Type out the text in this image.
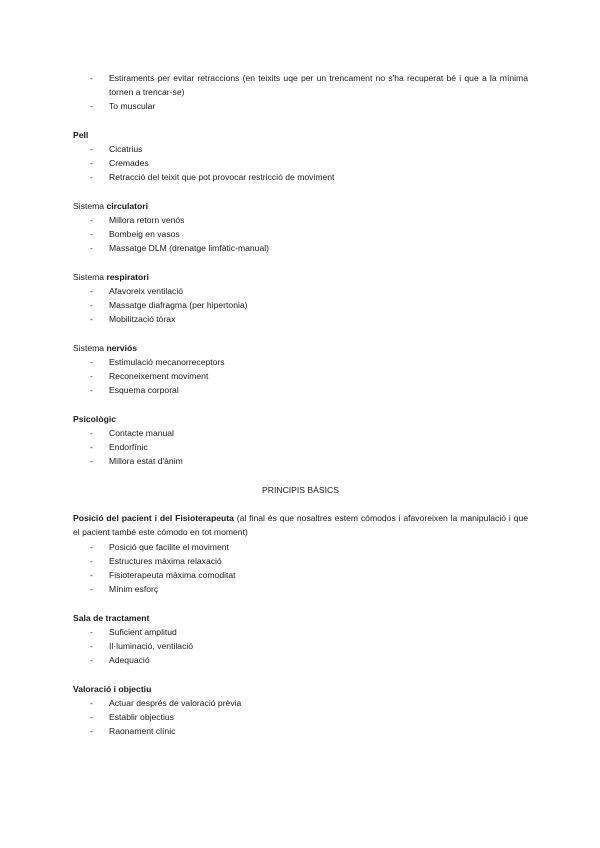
- Estiraments per evitar retraccions (en teixits uqe per un trencament no s'ha recuperat bé i que a la mínima tornen a trencar-se)
- To muscular

Pell

- Cicatrius
- Cremades
- Retracció del teixit que pot provocar restricció de moviment

Sistema circulatori

- Millora retorn venós
- Bombeig en vasos
- Massatge DLM (drenatge limfàtic-manual)

Sistema respiratori

- Afavoreix ventilació
- Massatge diafragma (per hipertonia)
- Mobilització tòrax

Sistema nerviós

- Estimulació mecanorreceptors
- Reconeixement moviment
- Esquema corporal

Psicològic

- Contacte manual
- Endorfínic
- Millora estat d'ànim

PRINCIPIS BÀSICS

Posició del pacient i del Fisioterapeuta (al final és que nosaltres estem cómodos i afavoreixen la manipulació i que el pacient també este cómodo en tot moment)

- Posició que facilite el moviment
- Estructures màxima relaxació
- Fisioterapeuta màxima comoditat
- Mínim esforç

Sala de tractament

- Suficient amplitud
- Il·luminació, ventilació
- Adequació

Valoració i objectiu

- Actuar després de valoració prèvia
- Establir objectius
- Raonament clínic
